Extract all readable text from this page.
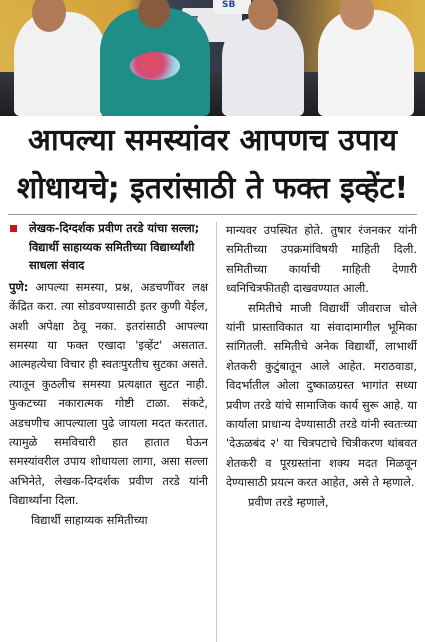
SB
आपल्या समस्यांवर आपणच उपाय
शोधायचे; इतरांसाठी ते फक्त इव्हेंट!
लेखक-दिग्दर्शक प्रवीण तरडे यांचा सल्ला; विद्यार्थी साहाय्यक समितीच्या विद्यार्थ्यांशी साधला संवाद

पुणे: आपल्या समस्या, प्रश्न, अडचणींवर लक्ष केंद्रित करा. त्या सोडवण्यासाठी इतर कुणी येईल, अशी अपेक्षा ठेवू नका. इतरांसाठी आपल्या समस्या या फक्त एखादा 'इव्हेंट' असतात. आत्महत्येचा विचार ही स्वतःपुरतीच सुटका असते. त्यातून कुठलीच समस्या प्रत्यक्षात सुटत नाही. फुकटच्या नकारात्मक गोष्टी टाळा. संकटे, अडचणीच आपल्याला पुढे जायला मदत करतात. त्यामुळे समविचारी हात हातात घेऊन समस्यांवरील उपाय शोधायला लागा, असा सल्ला अभिनेते, लेखक-दिग्दर्शक प्रवीण तरडे यांनी विद्यार्थ्यांना दिला.

विद्यार्थी साहाय्यक समितीच्या

मान्यवर उपस्थित होते. तुषार रंजनकर यांनी समितीच्या उपक्रमांविषयी माहिती दिली. समितीच्या कार्याची माहिती देणारी ध्वनिचित्रफीतही दाखवण्यात आली.

समितीचे माजी विद्यार्थी जीवराज चोले यांनी प्रास्ताविकात या संवादामागील भूमिका सांगितली. समितीचे अनेक विद्यार्थी, लाभार्थी शेतकरी कुटुंबातून आले आहेत. मराठवाडा, विदर्भातील ओला दुष्काळग्रस्त भागांत सध्या प्रवीण तरडे यांचे सामाजिक कार्य सुरू आहे. या कार्याला प्राधान्य देण्यासाठी तरडे यांनी स्वतःच्या 'देऊळबंद २' या चित्रपटाचे चित्रीकरण थांबवत शेतकरी व पूरग्रस्तांना शक्य मदत मिळवून देण्यासाठी प्रयत्न करत आहेत, असे ते म्हणाले.

प्रवीण तरडे म्हणाले,
